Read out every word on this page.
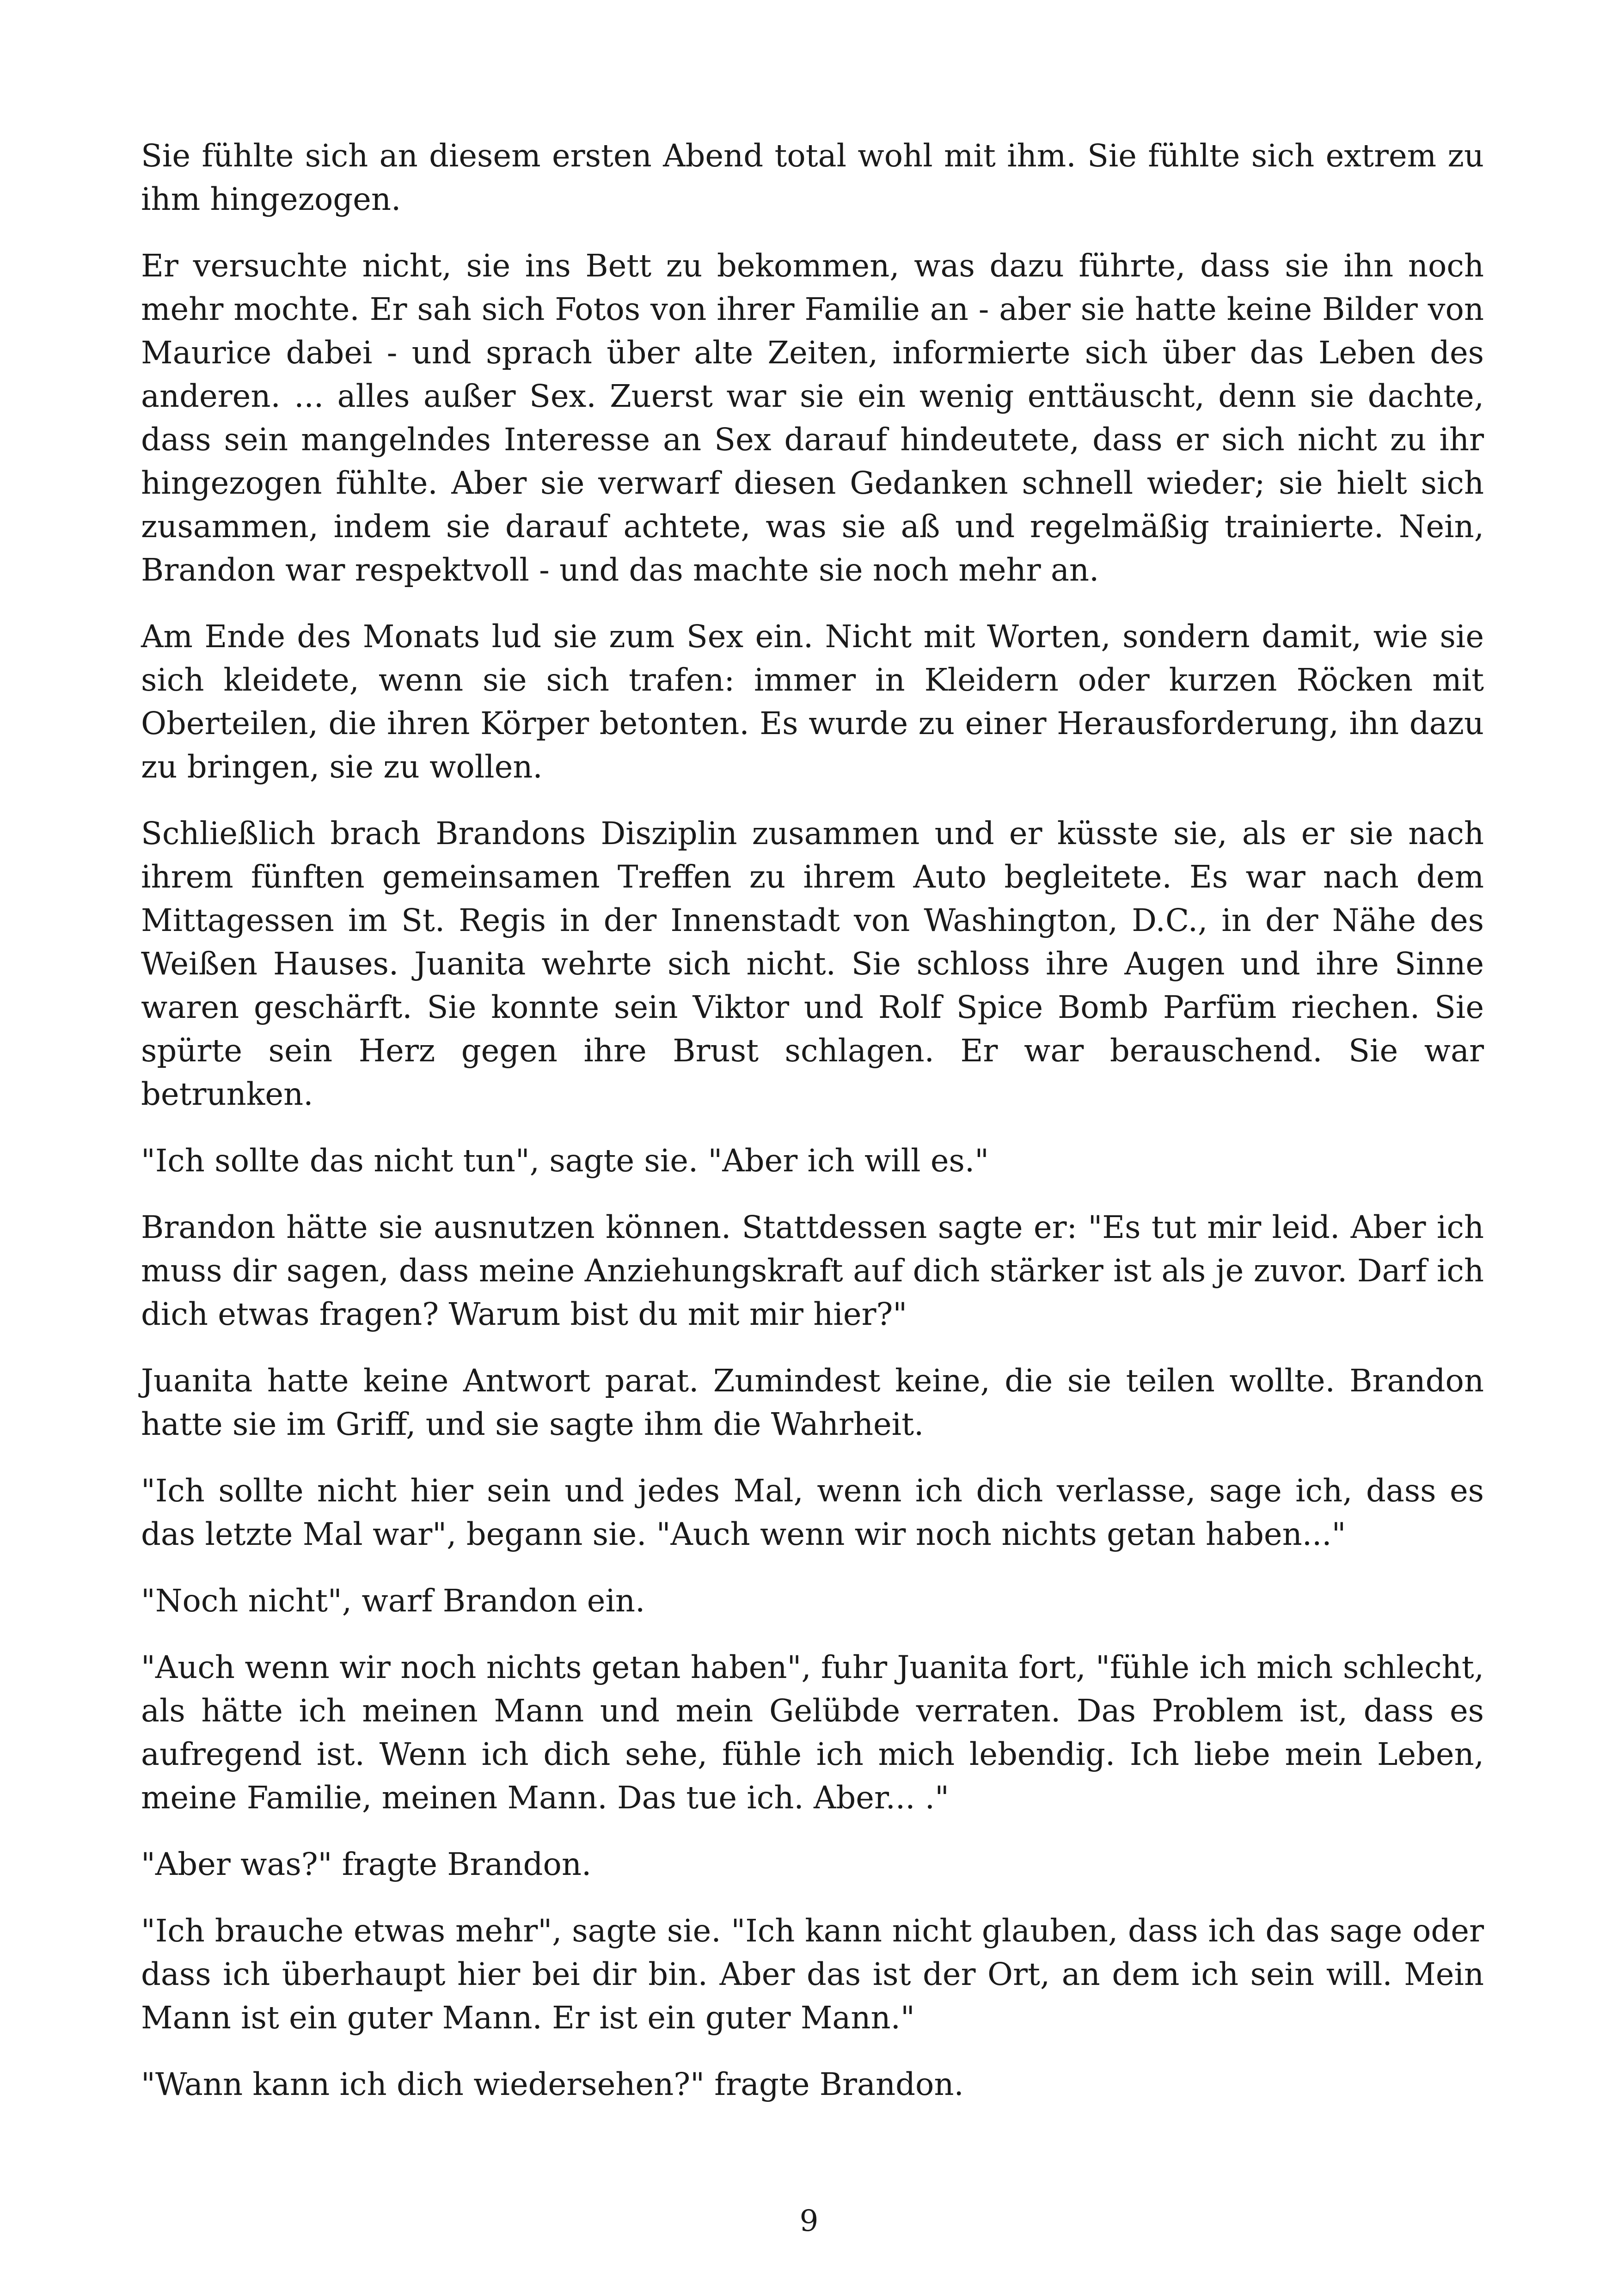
Sie fühlte sich an diesem ersten Abend total wohl mit ihm. Sie fühlte sich extrem zu ihm hingezogen.

Er versuchte nicht, sie ins Bett zu bekommen, was dazu führte, dass sie ihn noch mehr mochte. Er sah sich Fotos von ihrer Familie an - aber sie hatte keine Bilder von Maurice dabei - und sprach über alte Zeiten, informierte sich über das Leben des anderen. ... alles außer Sex. Zuerst war sie ein wenig enttäuscht, denn sie dachte, dass sein mangelndes Interesse an Sex darauf hindeutete, dass er sich nicht zu ihr hingezogen fühlte. Aber sie verwarf diesen Gedanken schnell wieder; sie hielt sich zusammen, indem sie darauf achtete, was sie aß und regelmäßig trainierte. Nein, Brandon war respektvoll - und das machte sie noch mehr an.

Am Ende des Monats lud sie zum Sex ein. Nicht mit Worten, sondern damit, wie sie sich kleidete, wenn sie sich trafen: immer in Kleidern oder kurzen Röcken mit Oberteilen, die ihren Körper betonten. Es wurde zu einer Herausforderung, ihn dazu zu bringen, sie zu wollen.

Schließlich brach Brandons Disziplin zusammen und er küsste sie, als er sie nach ihrem fünften gemeinsamen Treffen zu ihrem Auto begleitete. Es war nach dem Mittagessen im St. Regis in der Innenstadt von Washington, D.C., in der Nähe des Weißen Hauses. Juanita wehrte sich nicht. Sie schloss ihre Augen und ihre Sinne waren geschärft. Sie konnte sein Viktor und Rolf Spice Bomb Parfüm riechen. Sie spürte sein Herz gegen ihre Brust schlagen. Er war berauschend. Sie war betrunken.

"Ich sollte das nicht tun", sagte sie. "Aber ich will es."

Brandon hätte sie ausnutzen können. Stattdessen sagte er: "Es tut mir leid. Aber ich muss dir sagen, dass meine Anziehungskraft auf dich stärker ist als je zuvor. Darf ich dich etwas fragen? Warum bist du mit mir hier?"

Juanita hatte keine Antwort parat. Zumindest keine, die sie teilen wollte. Brandon hatte sie im Griff, und sie sagte ihm die Wahrheit.

"Ich sollte nicht hier sein und jedes Mal, wenn ich dich verlasse, sage ich, dass es das letzte Mal war", begann sie. "Auch wenn wir noch nichts getan haben..."

"Noch nicht", warf Brandon ein.

"Auch wenn wir noch nichts getan haben", fuhr Juanita fort, "fühle ich mich schlecht, als hätte ich meinen Mann und mein Gelübde verraten. Das Problem ist, dass es aufregend ist. Wenn ich dich sehe, fühle ich mich lebendig. Ich liebe mein Leben, meine Familie, meinen Mann. Das tue ich. Aber... ."

"Aber was?" fragte Brandon.

"Ich brauche etwas mehr", sagte sie. "Ich kann nicht glauben, dass ich das sage oder dass ich überhaupt hier bei dir bin. Aber das ist der Ort, an dem ich sein will. Mein Mann ist ein guter Mann. Er ist ein guter Mann."

"Wann kann ich dich wiedersehen?" fragte Brandon.

9
